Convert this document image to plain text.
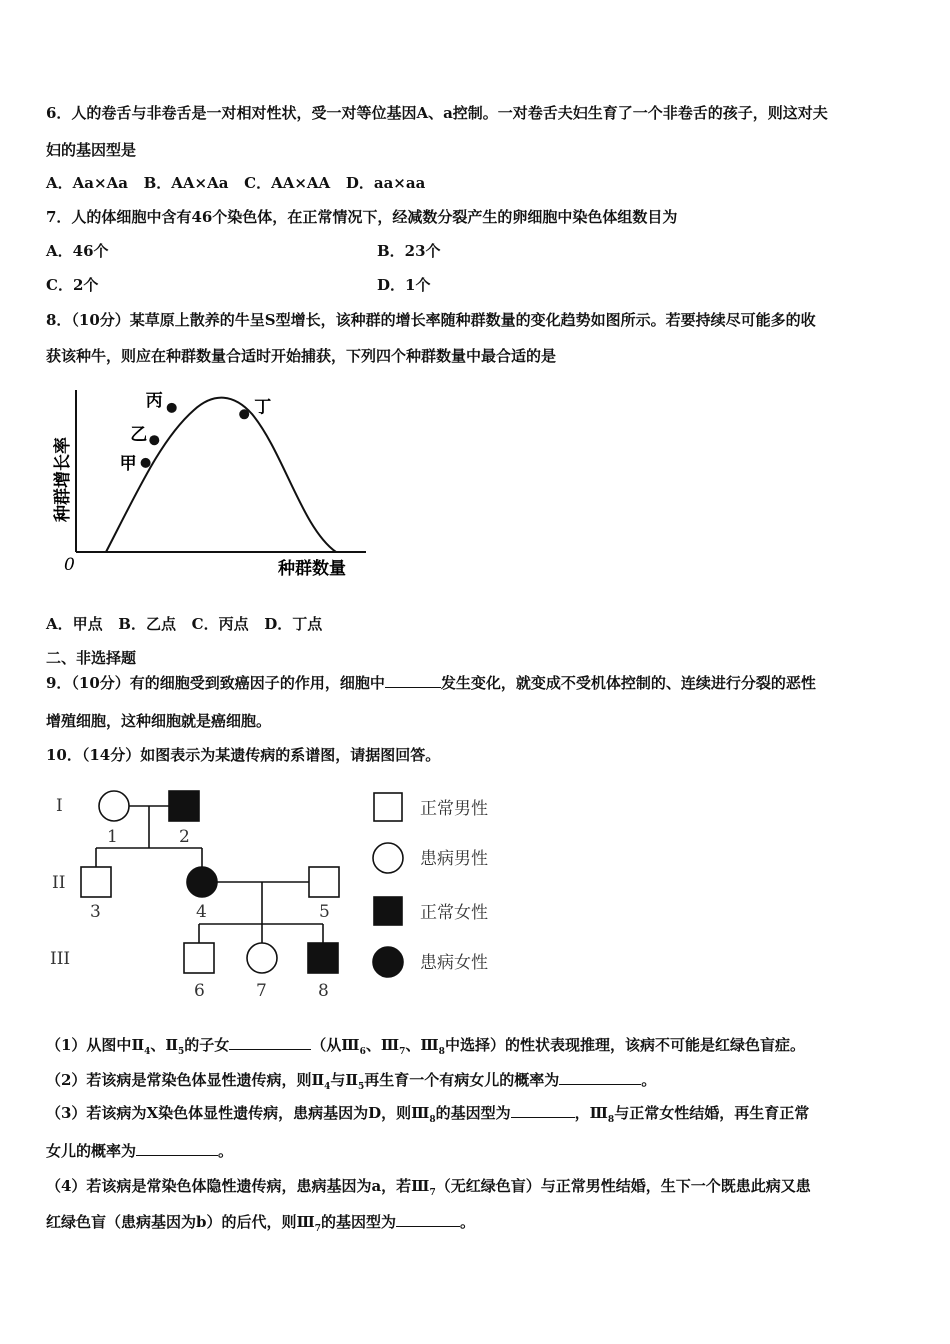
6．人的卷舌与非卷舌是一对相对性状，受一对等位基因A、a控制。一对卷舌夫妇生育了一个非卷舌的孩子，则这对夫
妇的基因型是
A．Aa×Aa   B．AA×Aa   C．AA×AA   D．aa×aa
7．人的体细胞中含有46个染色体，在正常情况下，经减数分裂产生的卵细胞中染色体组数目为
A．46个	B．23个
C．2个	D．1个
8．（10分）某草原上散养的牛呈S型增长，该种群的增长率随种群数量的变化趋势如图所示。若要持续尽可能多的收
获该种牛，则应在种群数量合适时开始捕获，下列四个种群数量中最合适的是
0	种群数量
种群增长率	甲
乙
丙	丁
A．甲点   B．乙点   C．丙点   D．丁点
二、非选择题
9．（10分）有的细胞受到致癌因子的作用，细胞中	发生变化，就变成不受机体控制的、连续进行分裂的恶性
增殖细胞，这种细胞就是癌细胞。
10．（14分）如图表示为某遗传病的系谱图，请据图回答。
I
II
III
1	2
3	4	5
6	7	8
正常男性
患病男性
正常女性
患病女性
（1）从图中$Ⅱ_4$、$Ⅱ_5$的子女	（从$Ⅲ_6$、$Ⅲ_7$、$Ⅲ_8$中选择）的性状表现推理，该病不可能是红绿色盲症。
（2）若该病是常染色体显性遗传病，则$Ⅱ_4$与$Ⅱ_5$再生育一个有病女儿的概率为	。
（3）若该病为X染色体显性遗传病，患病基因为D，则$Ⅲ_8$的基因型为	，$Ⅲ_8$与正常女性结婚，再生育正常
女儿的概率为	。
（4）若该病是常染色体隐性遗传病，患病基因为a，若$Ⅲ_7$（无红绿色盲）与正常男性结婚，生下一个既患此病又患
红绿色盲（患病基因为b）的后代，则$Ⅲ_7$的基因型为	。
